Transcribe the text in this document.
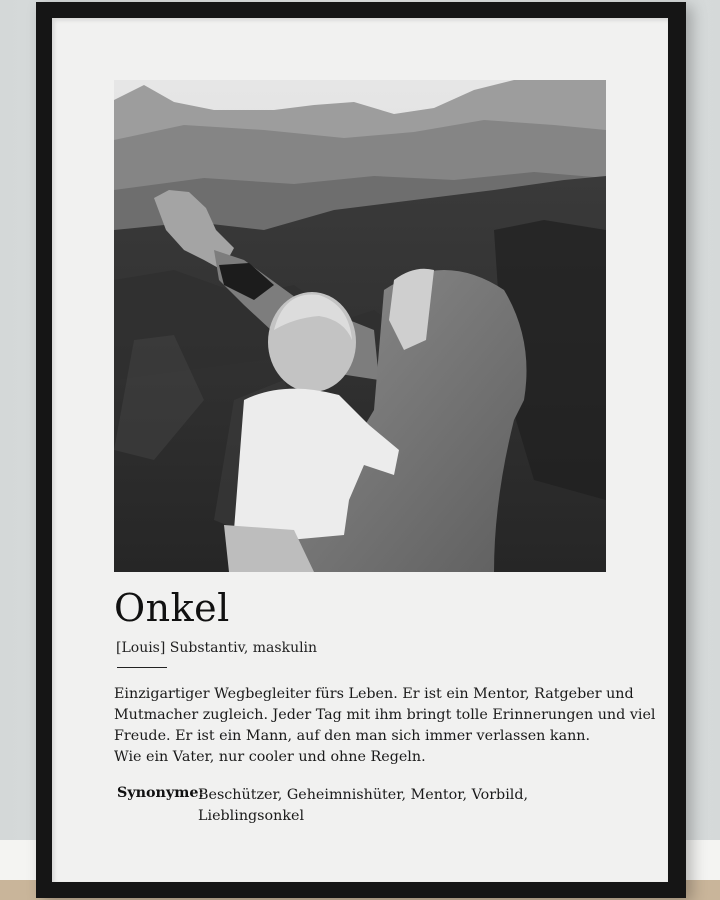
Onkel
[Louis] Substantiv, maskulin
Einzigartiger Wegbegleiter fürs Leben. Er ist ein Mentor, Ratgeber und
Mutmacher zugleich. Jeder Tag mit ihm bringt tolle Erinnerungen und viel
Freude. Er ist ein Mann, auf den man sich immer verlassen kann.
Wie ein Vater, nur cooler und ohne Regeln.
Synonyme:
Beschützer, Geheimnishüter, Mentor, Vorbild,
Lieblingsonkel
